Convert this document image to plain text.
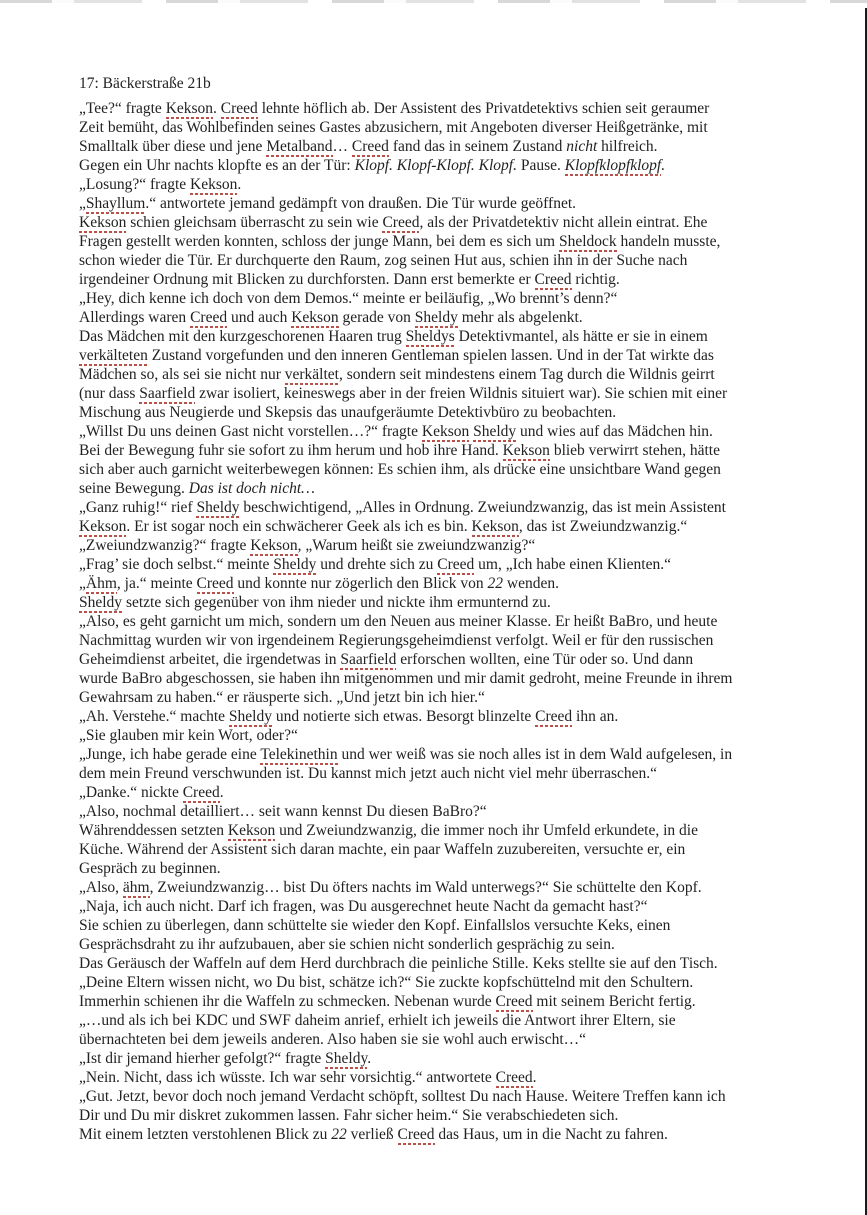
17: Bäckerstraße 21b
„Tee?“ fragte Kekson. Creed lehnte höflich ab. Der Assistent des Privatdetektivs schien seit geraumer
Zeit bemüht, das Wohlbefinden seines Gastes abzusichern, mit Angeboten diverser Heißgetränke, mit
Smalltalk über diese und jene Metalband… Creed fand das in seinem Zustand nicht hilfreich.
Gegen ein Uhr nachts klopfte es an der Tür: Klopf. Klopf-Klopf. Klopf. Pause. Klopfklopfklopf.
„Losung?“ fragte Kekson.
„Shayllum.“ antwortete jemand gedämpft von draußen. Die Tür wurde geöffnet.
Kekson schien gleichsam überrascht zu sein wie Creed, als der Privatdetektiv nicht allein eintrat. Ehe
Fragen gestellt werden konnten, schloss der junge Mann, bei dem es sich um Sheldock handeln musste,
schon wieder die Tür. Er durchquerte den Raum, zog seinen Hut aus, schien ihn in der Suche nach
irgendeiner Ordnung mit Blicken zu durchforsten. Dann erst bemerkte er Creed richtig.
„Hey, dich kenne ich doch von dem Demos.“ meinte er beiläufig, „Wo brennt’s denn?“
Allerdings waren Creed und auch Kekson gerade von Sheldy mehr als abgelenkt.
Das Mädchen mit den kurzgeschorenen Haaren trug Sheldys Detektivmantel, als hätte er sie in einem
verkälteten Zustand vorgefunden und den inneren Gentleman spielen lassen. Und in der Tat wirkte das
Mädchen so, als sei sie nicht nur verkältet, sondern seit mindestens einem Tag durch die Wildnis geirrt
(nur dass Saarfield zwar isoliert, keineswegs aber in der freien Wildnis situiert war). Sie schien mit einer
Mischung aus Neugierde und Skepsis das unaufgeräumte Detektivbüro zu beobachten.
„Willst Du uns deinen Gast nicht vorstellen…?“ fragte Kekson Sheldy und wies auf das Mädchen hin.
Bei der Bewegung fuhr sie sofort zu ihm herum und hob ihre Hand. Kekson blieb verwirrt stehen, hätte
sich aber auch garnicht weiterbewegen können: Es schien ihm, als drücke eine unsichtbare Wand gegen
seine Bewegung. Das ist doch nicht…
„Ganz ruhig!“ rief Sheldy beschwichtigend, „Alles in Ordnung. Zweiundzwanzig, das ist mein Assistent
Kekson. Er ist sogar noch ein schwächerer Geek als ich es bin. Kekson, das ist Zweiundzwanzig.“
„Zweiundzwanzig?“ fragte Kekson, „Warum heißt sie zweiundzwanzig?“
„Frag’ sie doch selbst.“ meinte Sheldy und drehte sich zu Creed um, „Ich habe einen Klienten.“
„Ähm, ja.“ meinte Creed und konnte nur zögerlich den Blick von 22 wenden.
Sheldy setzte sich gegenüber von ihm nieder und nickte ihm ermunternd zu.
„Also, es geht garnicht um mich, sondern um den Neuen aus meiner Klasse. Er heißt BaBro, und heute
Nachmittag wurden wir von irgendeinem Regierungsgeheimdienst verfolgt. Weil er für den russischen
Geheimdienst arbeitet, die irgendetwas in Saarfield erforschen wollten, eine Tür oder so. Und dann
wurde BaBro abgeschossen, sie haben ihn mitgenommen und mir damit gedroht, meine Freunde in ihrem
Gewahrsam zu haben.“ er räusperte sich. „Und jetzt bin ich hier.“
„Ah. Verstehe.“ machte Sheldy und notierte sich etwas. Besorgt blinzelte Creed ihn an.
„Sie glauben mir kein Wort, oder?“
„Junge, ich habe gerade eine Telekinethin und wer weiß was sie noch alles ist in dem Wald aufgelesen, in
dem mein Freund verschwunden ist. Du kannst mich jetzt auch nicht viel mehr überraschen.“
„Danke.“ nickte Creed.
„Also, nochmal detailliert… seit wann kennst Du diesen BaBro?“
Währenddessen setzten Kekson und Zweiundzwanzig, die immer noch ihr Umfeld erkundete, in die
Küche. Während der Assistent sich daran machte, ein paar Waffeln zuzubereiten, versuchte er, ein
Gespräch zu beginnen.
„Also, ähm, Zweiundzwanzig… bist Du öfters nachts im Wald unterwegs?“ Sie schüttelte den Kopf.
„Naja, ich auch nicht. Darf ich fragen, was Du ausgerechnet heute Nacht da gemacht hast?“
Sie schien zu überlegen, dann schüttelte sie wieder den Kopf. Einfallslos versuchte Keks, einen
Gesprächsdraht zu ihr aufzubauen, aber sie schien nicht sonderlich gesprächig zu sein.
Das Geräusch der Waffeln auf dem Herd durchbrach die peinliche Stille. Keks stellte sie auf den Tisch.
„Deine Eltern wissen nicht, wo Du bist, schätze ich?“ Sie zuckte kopfschüttelnd mit den Schultern.
Immerhin schienen ihr die Waffeln zu schmecken. Nebenan wurde Creed mit seinem Bericht fertig.
„…und als ich bei KDC und SWF daheim anrief, erhielt ich jeweils die Antwort ihrer Eltern, sie
übernachteten bei dem jeweils anderen. Also haben sie sie wohl auch erwischt…“
„Ist dir jemand hierher gefolgt?“ fragte Sheldy.
„Nein. Nicht, dass ich wüsste. Ich war sehr vorsichtig.“ antwortete Creed.
„Gut. Jetzt, bevor doch noch jemand Verdacht schöpft, solltest Du nach Hause. Weitere Treffen kann ich
Dir und Du mir diskret zukommen lassen. Fahr sicher heim.“ Sie verabschiedeten sich.
Mit einem letzten verstohlenen Blick zu 22 verließ Creed das Haus, um in die Nacht zu fahren.
